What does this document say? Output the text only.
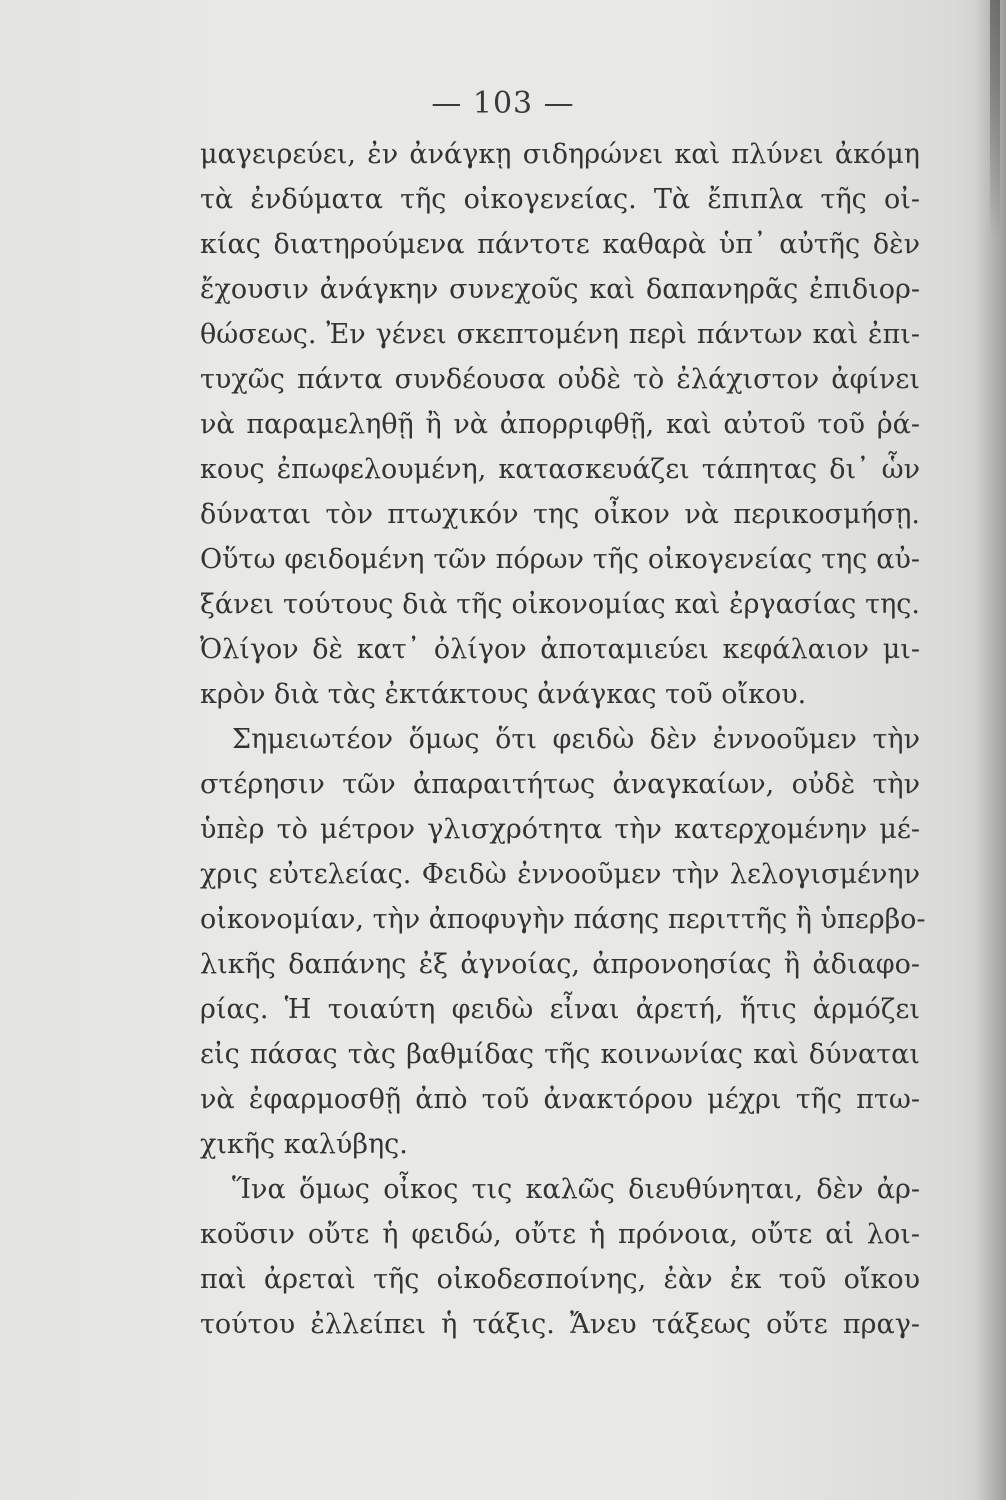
— 103 —
μαγειρεύει, ἐν ἀνάγκῃ σιδηρώνει καὶ πλύνει ἀκόμη
τὰ ἐνδύματα τῆς οἰκογενείας. Τὰ ἔπιπλα τῆς οἰ-
κίας διατηρούμενα πάντοτε καθαρὰ ὑπ᾽ αὐτῆς δὲν
ἔχουσιν ἀνάγκην συνεχοῦς καὶ δαπανηρᾶς ἐπιδιορ-
θώσεως. Ἐν γένει σκεπτομένη περὶ πάντων καὶ ἐπι-
τυχῶς πάντα συνδέουσα οὐδὲ τὸ ἐλάχιστον ἀφίνει
νὰ παραμεληθῇ ἢ νὰ ἀπορριφθῇ, καὶ αὐτοῦ τοῦ ῥά-
κους ἐπωφελουμένη, κατασκευάζει τάπητας δι᾽ ὧν
δύναται τὸν πτωχικόν της οἶκον νὰ περικοσμήσῃ.
Οὕτω φειδομένη τῶν πόρων τῆς οἰκογενείας της αὐ-
ξάνει τούτους διὰ τῆς οἰκονομίας καὶ ἐργασίας της.
Ὀλίγον δὲ κατ᾽ ὀλίγον ἀποταμιεύει κεφάλαιον μι-
κρὸν διὰ τὰς ἐκτάκτους ἀνάγκας τοῦ οἴκου.
Σημειωτέον ὅμως ὅτι φειδὼ δὲν ἐννοοῦμεν τὴν
στέρησιν τῶν ἀπαραιτήτως ἀναγκαίων, οὐδὲ τὴν
ὑπὲρ τὸ μέτρον γλισχρότητα τὴν κατερχομένην μέ-
χρις εὐτελείας. Φειδὼ ἐννοοῦμεν τὴν λελογισμένην
οἰκονομίαν, τὴν ἀποφυγὴν πάσης περιττῆς ἢ ὑπερβο-
λικῆς δαπάνης ἐξ ἀγνοίας, ἀπρονοησίας ἢ ἀδιαφο-
ρίας. Ἡ τοιαύτη φειδὼ εἶναι ἀρετή, ἥτις ἁρμόζει
εἰς πάσας τὰς βαθμίδας τῆς κοινωνίας καὶ δύναται
νὰ ἐφαρμοσθῇ ἀπὸ τοῦ ἀνακτόρου μέχρι τῆς πτω-
χικῆς καλύβης.
Ἵνα ὅμως οἶκος τις καλῶς διευθύνηται, δὲν ἀρ-
κοῦσιν οὔτε ἡ φειδώ, οὔτε ἡ πρόνοια, οὔτε αἱ λοι-
παὶ ἀρεταὶ τῆς οἰκοδεσποίνης, ἐὰν ἐκ τοῦ οἴκου
τούτου ἐλλείπει ἡ τάξις. Ἄνευ τάξεως οὔτε πραγ-
